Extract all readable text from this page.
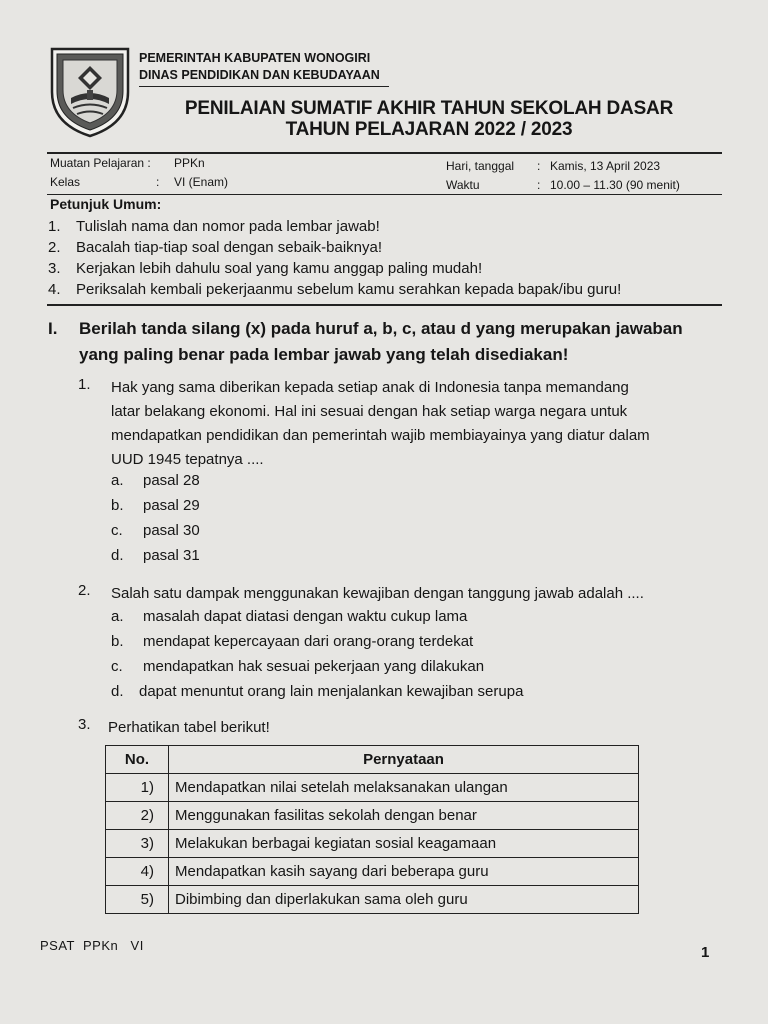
PEMERINTAH KABUPATEN WONOGIRI
DINAS PENDIDIKAN DAN KEBUDAYAAN
PENILAIAN SUMATIF AKHIR TAHUN SEKOLAH DASAR
TAHUN PELAJARAN 2022 / 2023
Muatan Pelajaran : PPKn
Kelas	: VI (Enam)
Hari, tanggal : Kamis, 13 April 2023
Waktu	: 10.00 – 11.30 (90 menit)
Petunjuk Umum:
1. Tulislah nama dan nomor pada lembar jawab!
2. Bacalah tiap-tiap soal dengan sebaik-baiknya!
3. Kerjakan lebih dahulu soal yang kamu anggap paling mudah!
4. Periksalah kembali pekerjaanmu sebelum kamu serahkan kepada bapak/ibu guru!
I. Berilah tanda silang (x) pada huruf a, b, c, atau d yang merupakan jawaban
yang paling benar pada lembar jawab yang telah disediakan!
1. Hak yang sama diberikan kepada setiap anak di Indonesia tanpa memandang
latar belakang ekonomi. Hal ini sesuai dengan hak setiap warga negara untuk
mendapatkan pendidikan dan pemerintah wajib membiayainya yang diatur dalam
UUD 1945 tepatnya ....
a. pasal 28
b. pasal 29
c. pasal 30
d. pasal 31
2. Salah satu dampak menggunakan kewajiban dengan tanggung jawab adalah ....
a. masalah dapat diatasi dengan waktu cukup lama
b. mendapat kepercayaan dari orang-orang terdekat
c. mendapatkan hak sesuai pekerjaan yang dilakukan
d. dapat menuntut orang lain menjalankan kewajiban serupa
3. Perhatikan tabel berikut!
No.	Pernyataan
1)	Mendapatkan nilai setelah melaksanakan ulangan
2)	Menggunakan fasilitas sekolah dengan benar
3)	Melakukan berbagai kegiatan sosial keagamaan
4)	Mendapatkan kasih sayang dari beberapa guru
5)	Dibimbing dan diperlakukan sama oleh guru
PSAT  PPKn   VI	1
